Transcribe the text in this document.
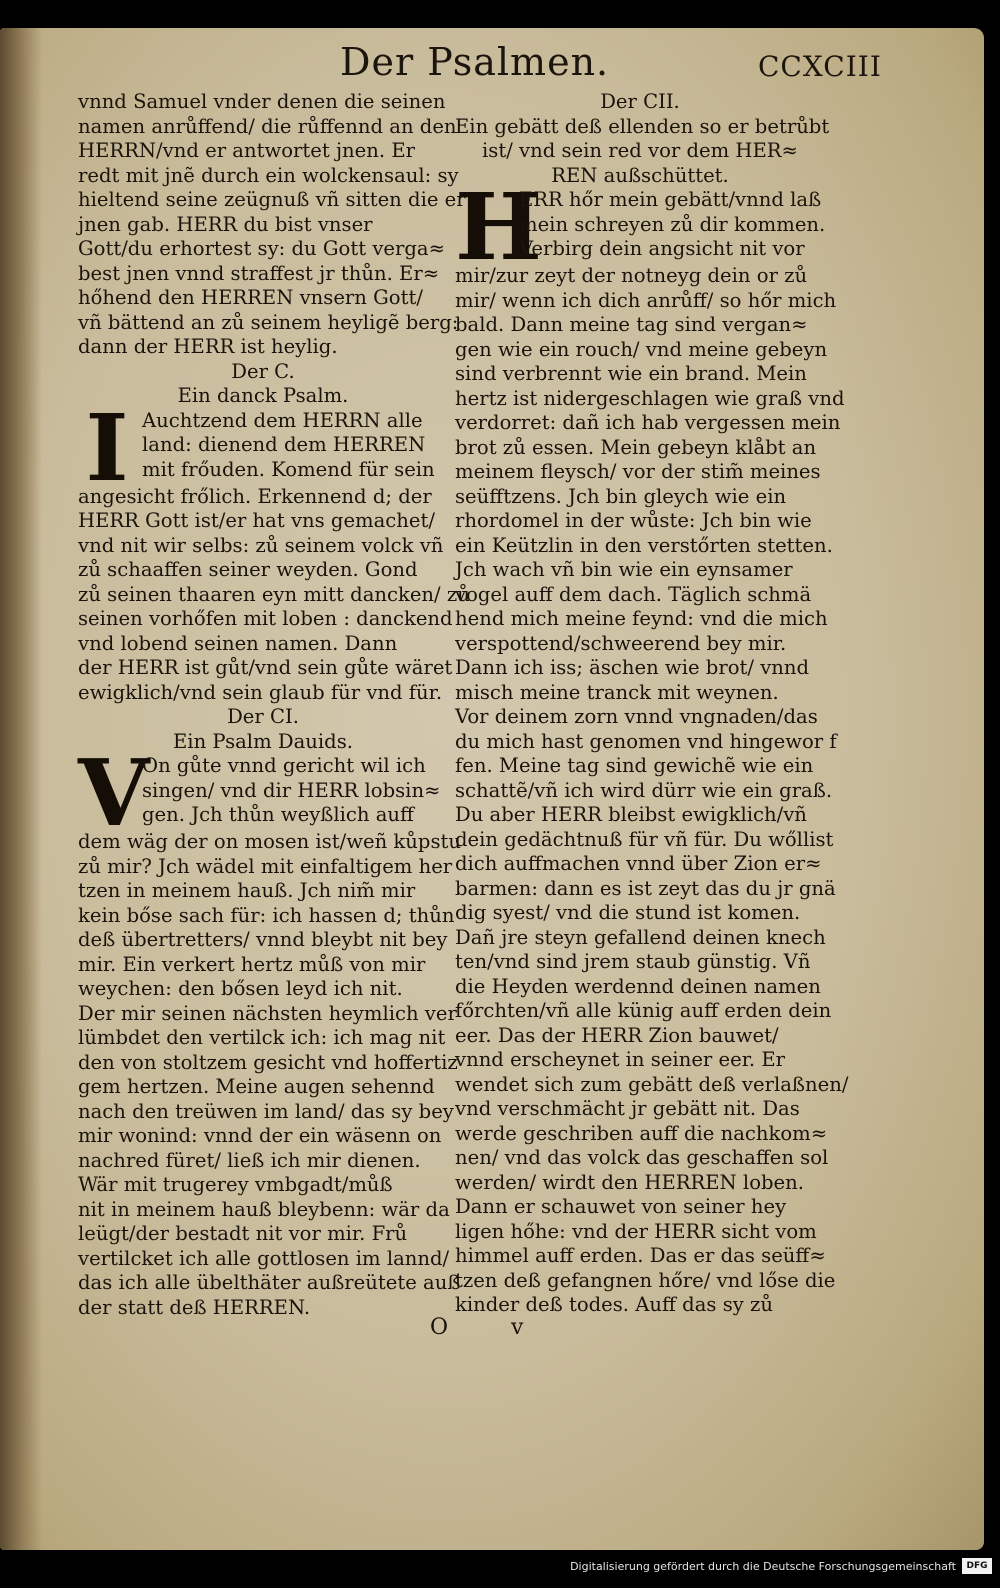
Der Psalmen.	CCXCIII
vnnd Samuel vnder denen die seinen
namen anrůffend/ die růffennd an den
HERRN/vnd er antwortet jnen. Er
redt mit jnẽ durch ein wolckensaul: sy
hieltend seine zeügnuß vñ sitten die er
jnen gab. HERR du bist vnser
Gott/du erhortest sy: du Gott verga≈
best jnen vnnd straffest jr thůn. Er≈
hőhend den HERREN vnsern Gott/
vñ bättend an zů seinem heyligẽ berg:
dann der HERR ist heylig.
Der C.
Ein danck Psalm.
I Auchtzend dem HERRN alle
land: dienend dem HERREN
mit frőuden. Komend für sein
angesicht frőlich. Erkennend d; der
HERR Gott ist/er hat vns gemachet/
vnd nit wir selbs: zů seinem volck vñ
zů schaaffen seiner weyden. Gond
zů seinen thaaren eyn mitt dancken/ zů
seinen vorhőfen mit loben : danckend
vnd lobend seinen namen. Dann
der HERR ist gůt/vnd sein gůte wäret
ewigklich/vnd sein glaub für vnd für.
Der CI.
Ein Psalm Dauids.
V
On gůte vnnd gericht wil ich
singen/ vnd dir HERR lobsin≈
gen. Jch thůn weyßlich auff
dem wäg der on mosen ist/weñ kůpstu
zů mir? Jch wädel mit einfaltigem her
tzen in meinem hauß. Jch nim̃ mir
kein bőse sach für: ich hassen d; thůn
deß übertretters/ vnnd bleybt nit bey
mir. Ein verkert hertz můß von mir
weychen: den bősen leyd ich nit.
Der mir seinen nächsten heymlich ver
lümbdet den vertilck ich: ich mag nit
den von stoltzem gesicht vnd hoffertiz
gem hertzen. Meine augen sehennd
nach den treüwen im land/ das sy bey
mir wonind: vnnd der ein wäsenn on
nachred füret/ ließ ich mir dienen.
Wär mit trugerey vmbgadt/můß
nit in meinem hauß bleybenn: wär da
leügt/der bestadt nit vor mir. Frů
vertilcket ich alle gottlosen im lannd/
das ich alle übelthäter außreütete auß
der statt deß HERREN.
Der CII.
Ein gebätt deß ellenden so er betrůbt
ist/ vnd sein red vor dem HER≈
REN außschüttet.
H
ERR hőr mein gebätt/vnnd laß
mein schreyen zů dir kommen.
Verbirg dein angsicht nit vor
mir/zur zeyt der notneyg dein or zů
mir/ wenn ich dich anrůff/ so hőr mich
bald. Dann meine tag sind vergan≈
gen wie ein rouch/ vnd meine gebeyn
sind verbrennt wie ein brand. Mein
hertz ist nidergeschlagen wie graß vnd
verdorret: dañ ich hab vergessen mein
brot zů essen. Mein gebeyn klåbt an
meinem fleysch/ vor der stim̃ meines
seüfftzens. Jch bin gleych wie ein
rhordomel in der wůste: Jch bin wie
ein Keützlin in den verstőrten stetten.
Jch wach vñ bin wie ein eynsamer
vogel auff dem dach. Täglich schmä
hend mich meine feynd: vnd die mich
verspottend/schweerend bey mir.
Dann ich iss; äschen wie brot/ vnnd
misch meine tranck mit weynen.
Vor deinem zorn vnnd vngnaden/das
du mich hast genomen vnd hingewor f
fen. Meine tag sind gewichẽ wie ein
schattẽ/vñ ich wird dürr wie ein graß.
Du aber HERR bleibst ewigklich/vñ
dein gedächtnuß für vñ für. Du wőllist
dich auffmachen vnnd über Zion er≈
barmen: dann es ist zeyt das du jr gnä
dig syest/ vnd die stund ist komen.
Dañ jre steyn gefallend deinen knech
ten/vnd sind jrem staub günstig. Vñ
die Heyden werdennd deinen namen
főrchten/vñ alle künig auff erden dein
eer. Das der HERR Zion bauwet/
vnnd erscheynet in seiner eer. Er
wendet sich zum gebätt deß verlaßnen/
vnd verschmächt jr gebätt nit. Das
werde geschriben auff die nachkom≈
nen/ vnd das volck das geschaffen sol
werden/ wirdt den HERREN loben.
Dann er schauwet von seiner hey
ligen hőhe: vnd der HERR sicht vom
himmel auff erden. Das er das seüff≈
tzen deß gefangnen hőre/ vnd lőse die
kinder deß todes. Auff das sy zů
O v
Digitalisierung gefördert durch die Deutsche Forschungsgemeinschaft	DFG
